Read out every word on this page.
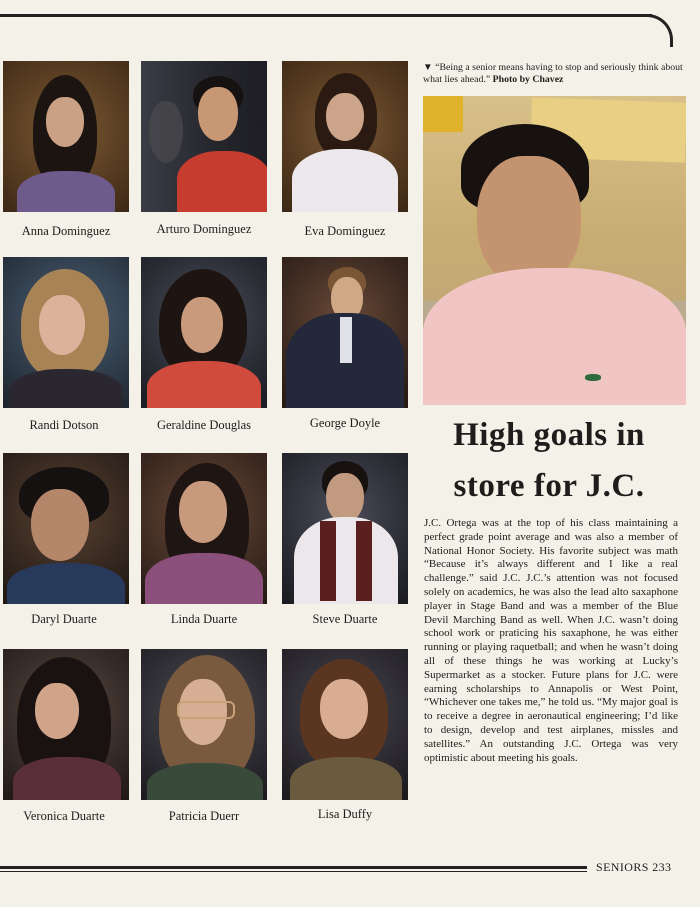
Anna Dominguez	Arturo Dominguez	Eva Dominguez
Randi Dotson	Geraldine Douglas	George Doyle
Daryl Duarte	Linda Duarte	Steve Duarte
Veronica Duarte	Patricia Duerr	Lisa Duffy
▼ “Being a senior means having to stop and seriously think about what lies ahead.” Photo by Chavez
High goals in store for J.C.
J.C. Ortega was at the top of his class maintaining a perfect grade point average and was also a member of National Honor Society. His favorite subject was math “Because it’s always different and I like a real challenge.” said J.C. J.C.’s attention was not focused solely on academics, he was also the lead alto saxaphone player in Stage Band and was a member of the Blue Devil Marching Band as well. When J.C. wasn’t doing school work or praticing his saxaphone, he was either running or playing raquetball; and when he wasn’t doing all of these things he was working at Lucky’s Supermarket as a stocker. Future plans for J.C. were earning scholarships to Annapolis or West Point, “Whichever one takes me,” he told us. “My major goal is to receive a degree in aeronautical engineering; I’d like to design, develop and test airplanes, missles and satellites.” An outstanding J.C. Ortega was very optimistic about meeting his goals.
SENIORS 233
